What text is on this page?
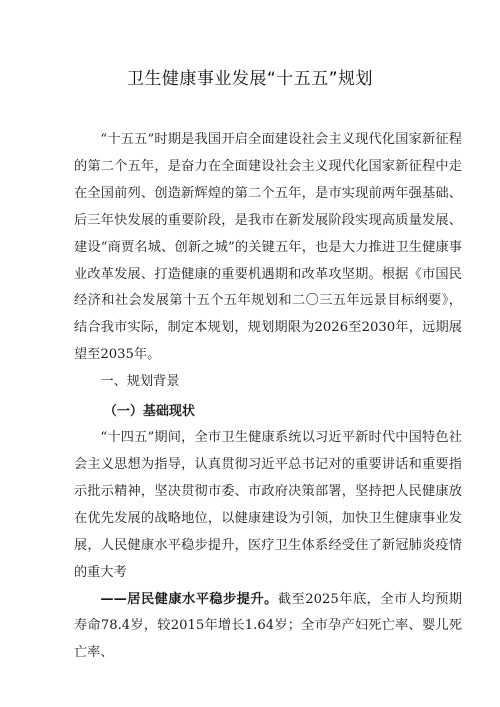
卫生健康事业发展“十五五”规划

“十五五”时期是我国开启全面建设社会主义现代化国家新征程的第二个五年，是奋力在全面建设社会主义现代化国家新征程中走在全国前列、创造新辉煌的第二个五年，是市实现前两年强基础、后三年快发展的重要阶段，是我市在新发展阶段实现高质量发展、建设“商贾名城、创新之城”的关键五年，也是大力推进卫生健康事业改革发展、打造健康的重要机遇期和改革攻坚期。根据《市国民经济和社会发展第十五个五年规划和二〇三五年远景目标纲要》，结合我市实际，制定本规划，规划期限为2026至2030年，远期展望至2035年。

一、规划背景

（一）基础现状

“十四五”期间，全市卫生健康系统以习近平新时代中国特色社会主义思想为指导，认真贯彻习近平总书记对的重要讲话和重要指示批示精神，坚决贯彻市委、市政府决策部署，坚持把人民健康放在优先发展的战略地位，以健康建设为引领，加快卫生健康事业发展，人民健康水平稳步提升，医疗卫生体系经受住了新冠肺炎疫情的重大考

——居民健康水平稳步提升。截至2025年底，全市人均预期寿命78.4岁，较2015年增长1.64岁；全市孕产妇死亡率、婴儿死亡率、
